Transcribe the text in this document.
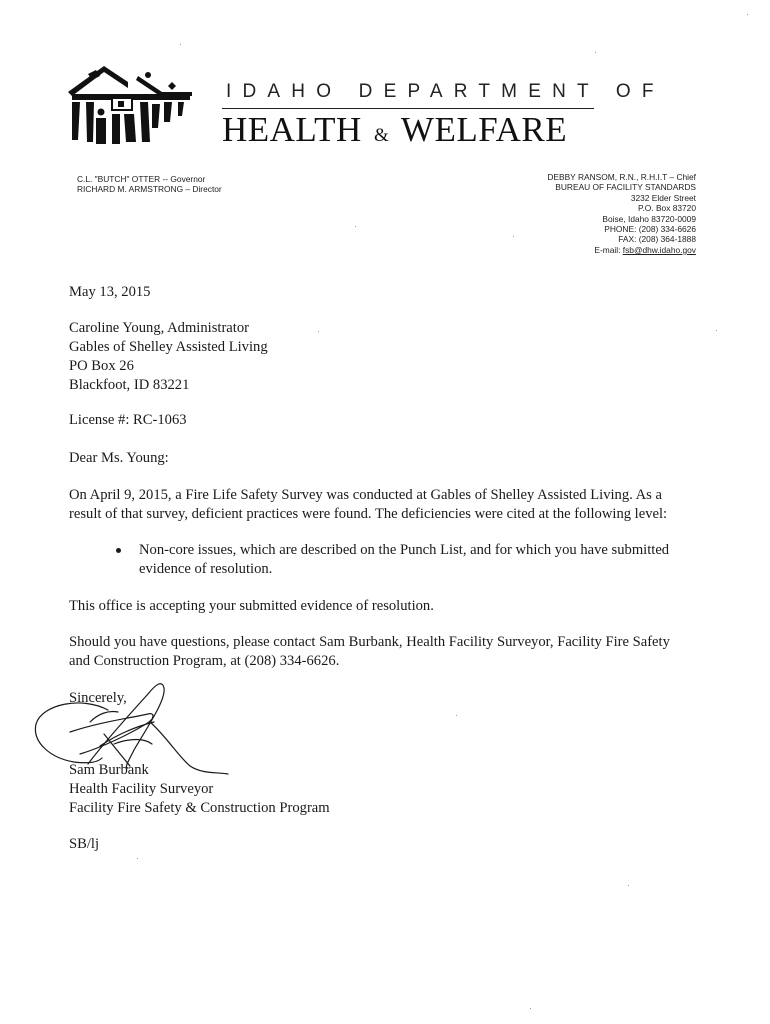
IDAHO DEPARTMENT OF
HEALTH & WELFARE
C.L. "BUTCH" OTTER -- Governor
RICHARD M. ARMSTRONG – Director
DEBBY RANSOM, R.N., R.H.I.T – Chief
BUREAU OF FACILITY STANDARDS
3232 Elder Street
P.O. Box 83720
Boise, Idaho 83720-0009
PHONE: (208) 334-6626
FAX: (208) 364-1888
E-mail: fsb@dhw.idaho.gov
May 13, 2015
Caroline Young, Administrator
Gables of Shelley Assisted Living
PO Box 26
Blackfoot, ID 83221
License #: RC-1063
Dear Ms. Young:
On April 9, 2015, a Fire Life Safety Survey was conducted at Gables of Shelley Assisted Living. As a
result of that survey, deficient practices were found. The deficiencies were cited at the following level:
Non-core issues, which are described on the Punch List, and for which you have submitted
evidence of resolution.
This office is accepting your submitted evidence of resolution.
Should you have questions, please contact Sam Burbank, Health Facility Surveyor, Facility Fire Safety
and Construction Program, at (208) 334-6626.
Sincerely,
Sam Burbank
Health Facility Surveyor
Facility Fire Safety & Construction Program
SB/lj
